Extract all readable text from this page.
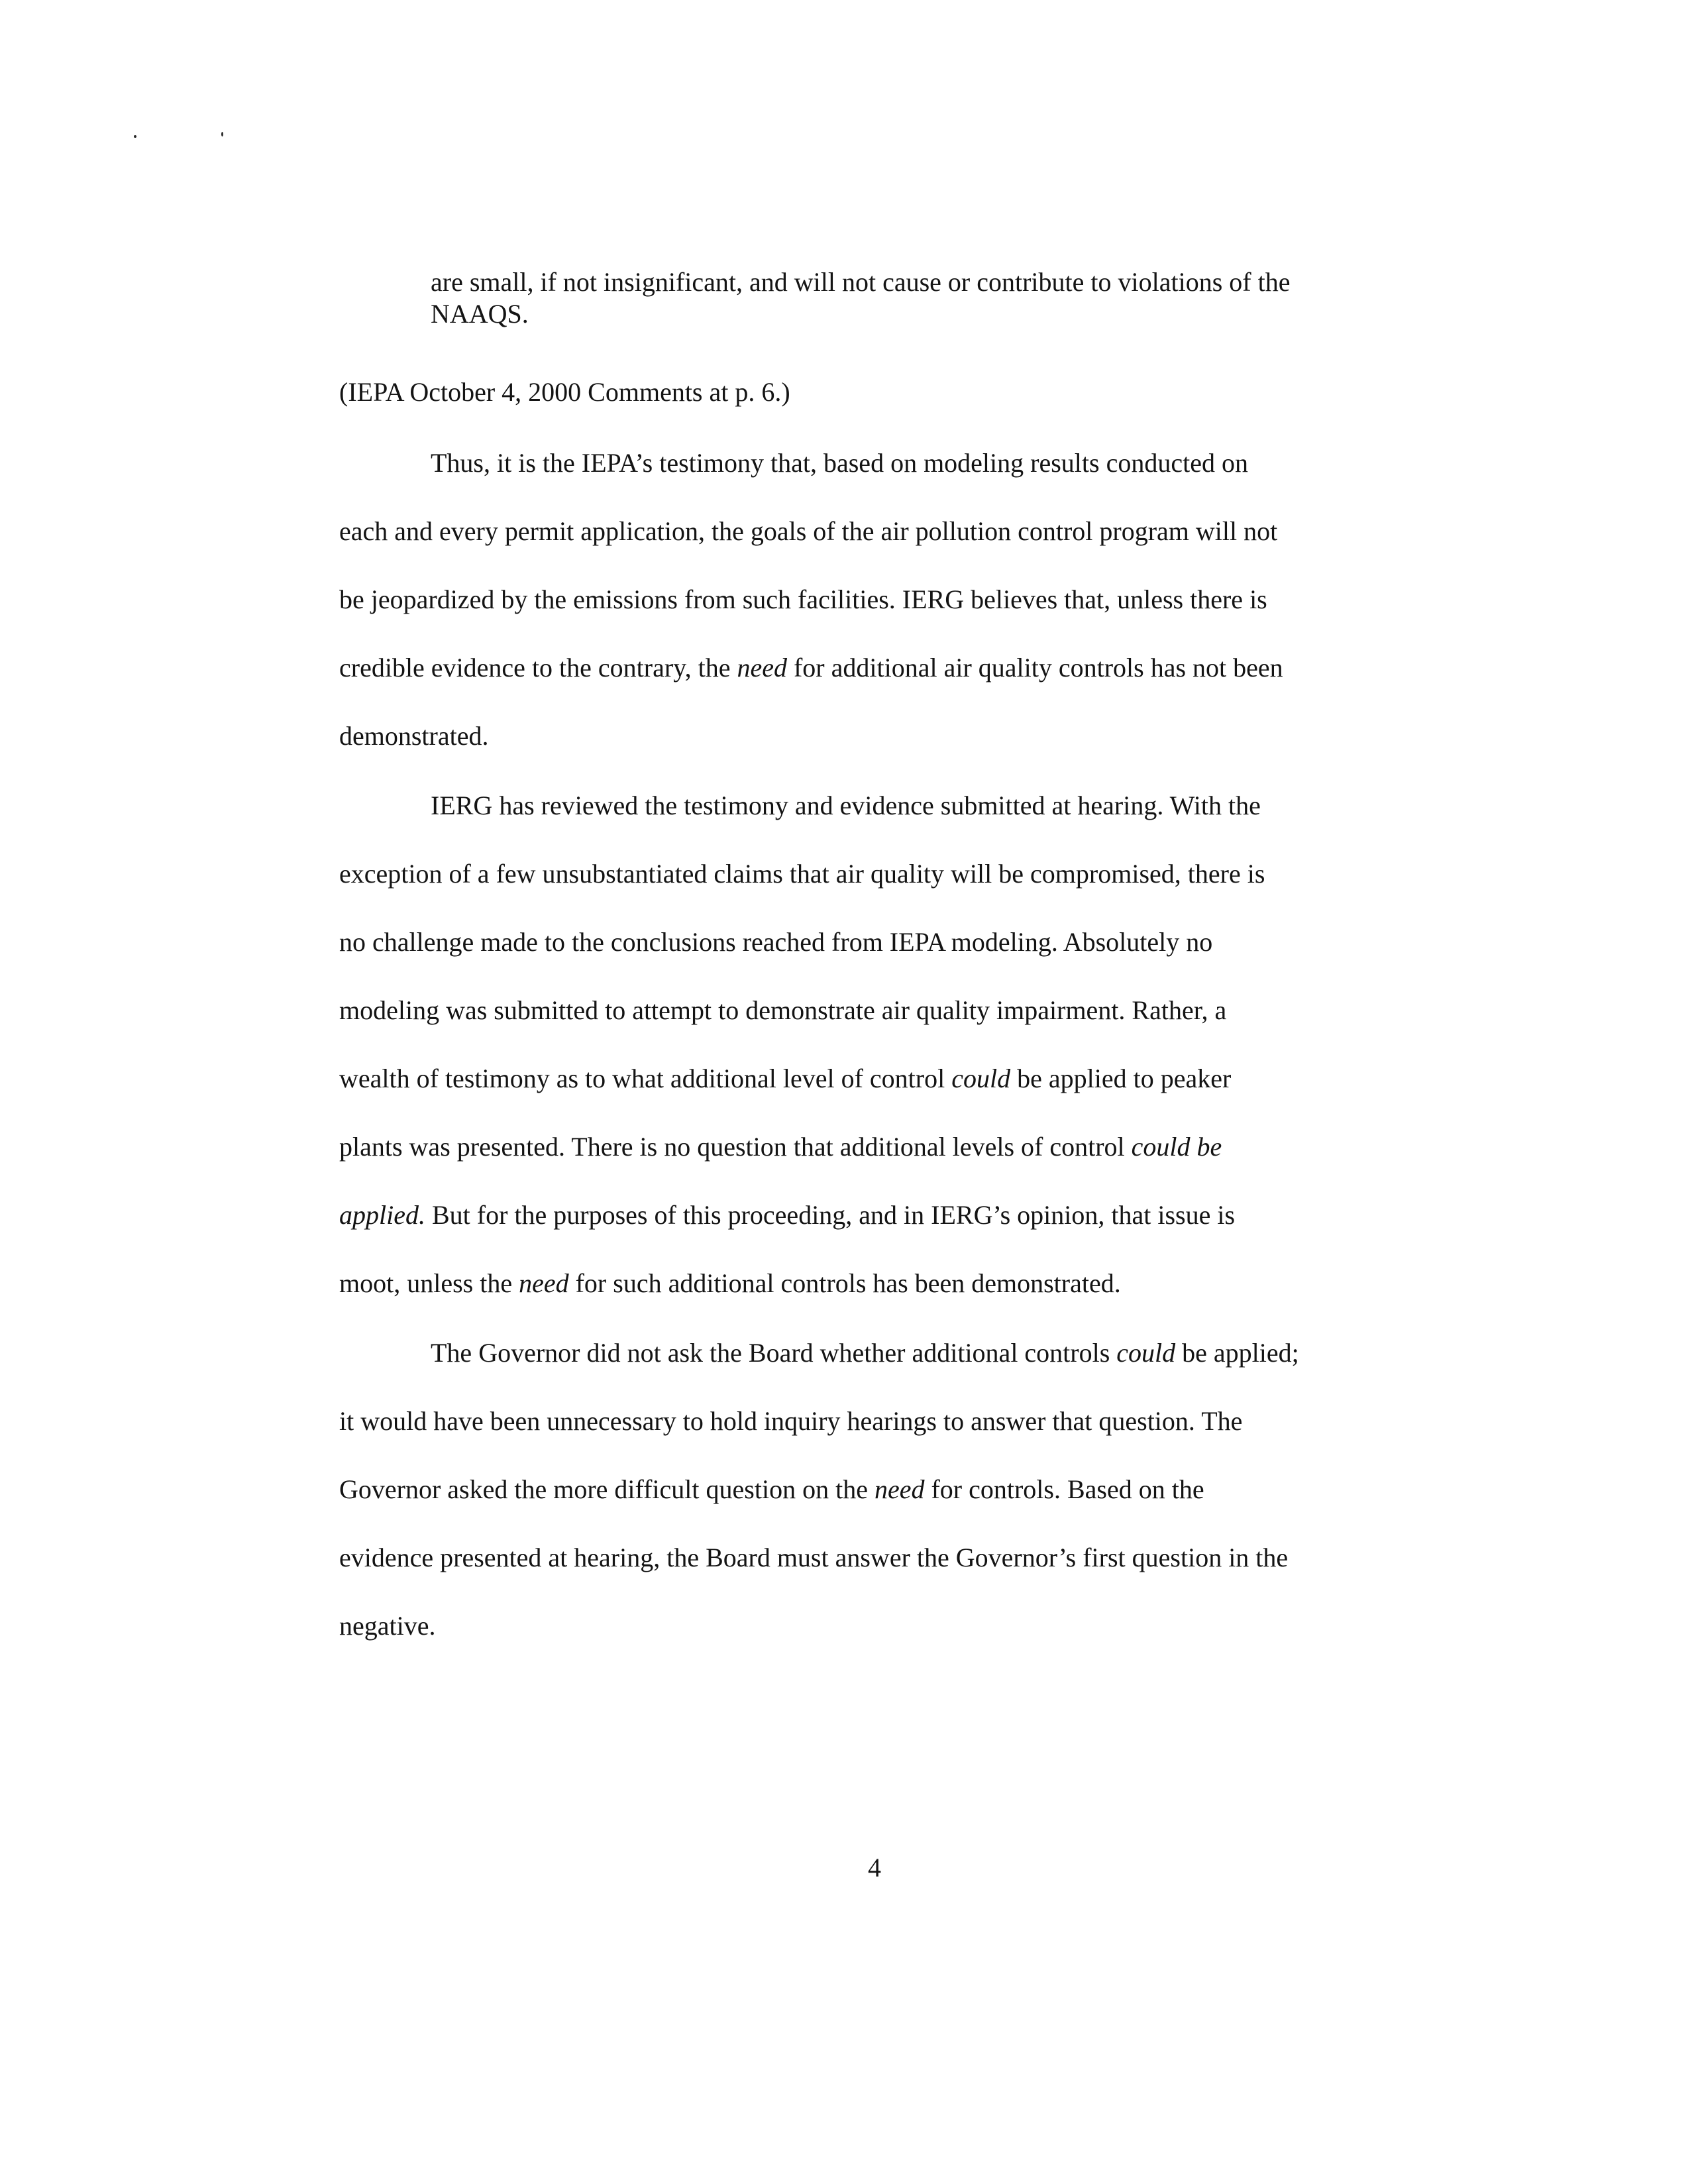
are small, if not insignificant, and will not cause or contribute to violations of the
NAAQS.

(IEPA October 4, 2000 Comments at p. 6.)

Thus, it is the IEPA’s testimony that, based on modeling results conducted on
each and every permit application, the goals of the air pollution control program will not
be jeopardized by the emissions from such facilities. IERG believes that, unless there is
credible evidence to the contrary, the need for additional air quality controls has not been
demonstrated.

IERG has reviewed the testimony and evidence submitted at hearing. With the
exception of a few unsubstantiated claims that air quality will be compromised, there is
no challenge made to the conclusions reached from IEPA modeling. Absolutely no
modeling was submitted to attempt to demonstrate air quality impairment. Rather, a
wealth of testimony as to what additional level of control could be applied to peaker
plants was presented. There is no question that additional levels of control could be
applied. But for the purposes of this proceeding, and in IERG’s opinion, that issue is
moot, unless the need for such additional controls has been demonstrated.

The Governor did not ask the Board whether additional controls could be applied;
it would have been unnecessary to hold inquiry hearings to answer that question. The
Governor asked the more difficult question on the need for controls. Based on the
evidence presented at hearing, the Board must answer the Governor’s first question in the
negative.

4
